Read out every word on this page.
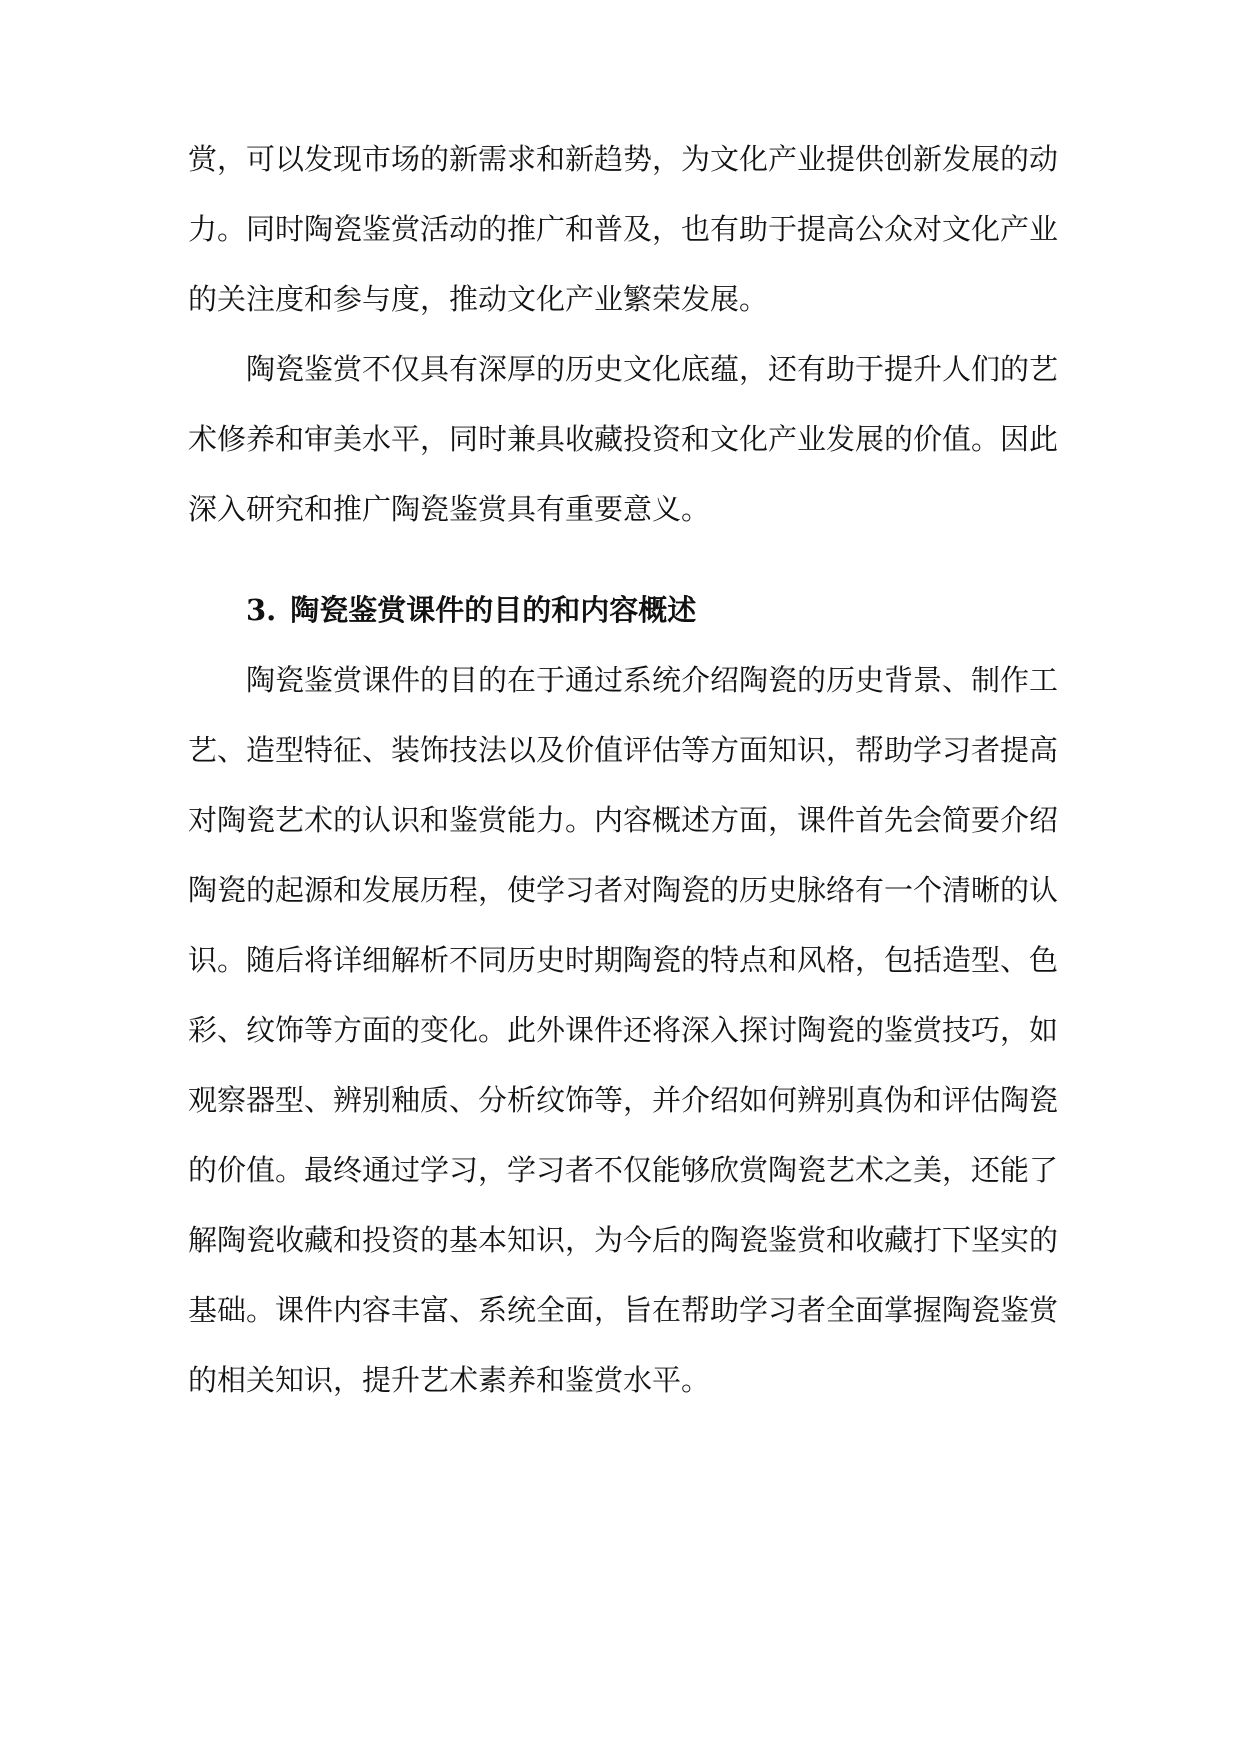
赏，可以发现市场的新需求和新趋势，为文化产业提供创新发展的动
力。同时陶瓷鉴赏活动的推广和普及，也有助于提高公众对文化产业
的关注度和参与度，推动文化产业繁荣发展。
陶瓷鉴赏不仅具有深厚的历史文化底蕴，还有助于提升人们的艺
术修养和审美水平，同时兼具收藏投资和文化产业发展的价值。因此
深入研究和推广陶瓷鉴赏具有重要意义。
3. 陶瓷鉴赏课件的目的和内容概述
陶瓷鉴赏课件的目的在于通过系统介绍陶瓷的历史背景、制作工
艺、造型特征、装饰技法以及价值评估等方面知识，帮助学习者提高
对陶瓷艺术的认识和鉴赏能力。内容概述方面，课件首先会简要介绍
陶瓷的起源和发展历程，使学习者对陶瓷的历史脉络有一个清晰的认
识。随后将详细解析不同历史时期陶瓷的特点和风格，包括造型、色
彩、纹饰等方面的变化。此外课件还将深入探讨陶瓷的鉴赏技巧，如
观察器型、辨别釉质、分析纹饰等，并介绍如何辨别真伪和评估陶瓷
的价值。最终通过学习，学习者不仅能够欣赏陶瓷艺术之美，还能了
解陶瓷收藏和投资的基本知识，为今后的陶瓷鉴赏和收藏打下坚实的
基础。课件内容丰富、系统全面，旨在帮助学习者全面掌握陶瓷鉴赏
的相关知识，提升艺术素养和鉴赏水平。
